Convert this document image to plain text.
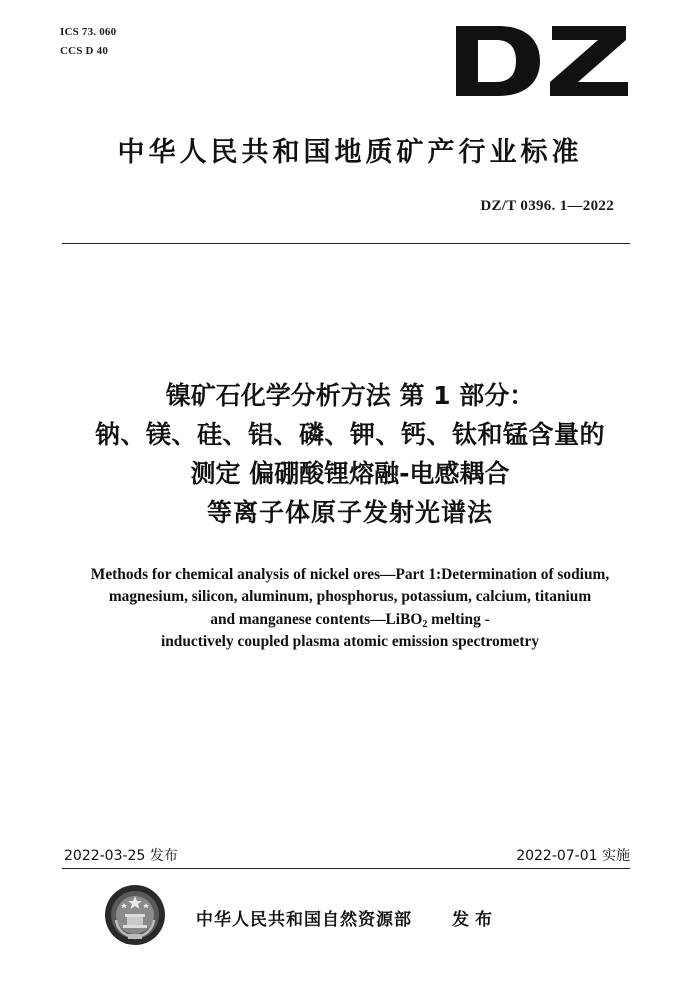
ICS 73. 060
CCS D 40
中华人民共和国地质矿产行业标准
DZ/T 0396. 1—2022
镍矿石化学分析方法 第 1 部分：
钠、镁、硅、铝、磷、钾、钙、钛和锰含量的
测定 偏硼酸锂熔融-电感耦合
等离子体原子发射光谱法
Methods for chemical analysis of nickel ores—Part 1:Determination of sodium,
magnesium, silicon, aluminum, phosphorus, potassium, calcium, titanium
and manganese contents—LiBO2 melting -
inductively coupled plasma atomic emission spectrometry
2022-03-25 发布	2022-07-01 实施
中华人民共和国自然资源部 发布
